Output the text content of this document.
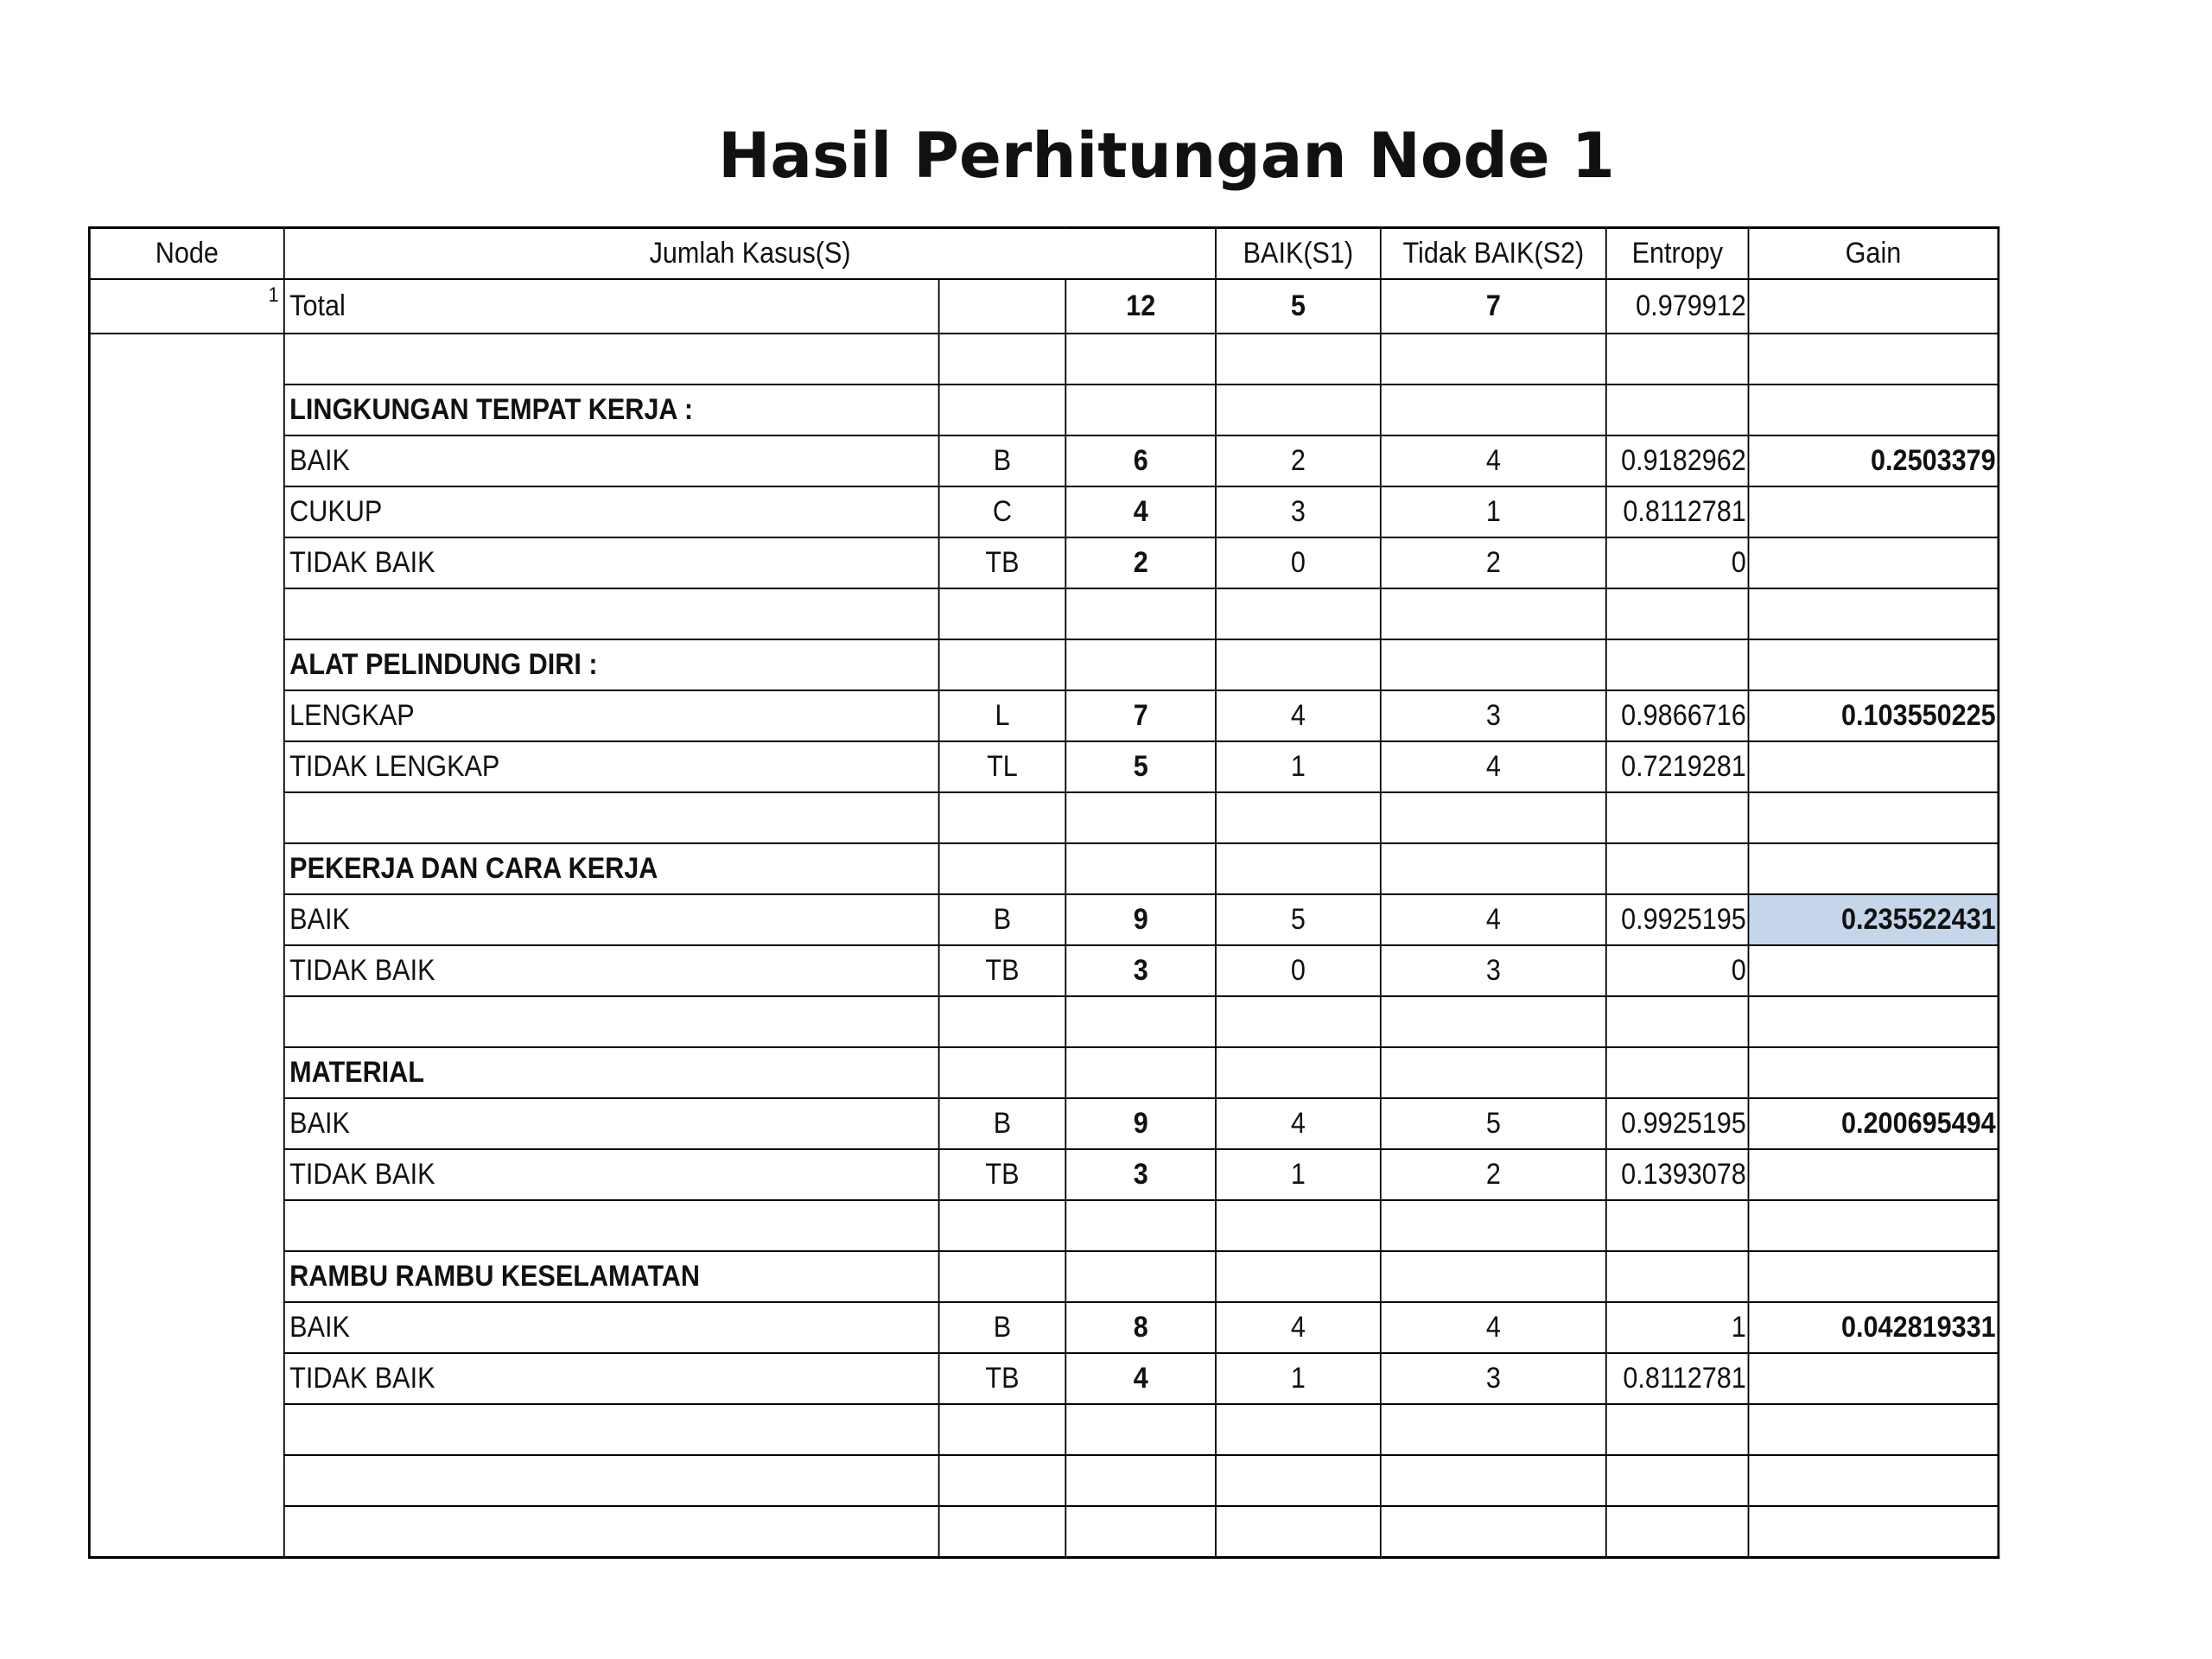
Hasil Perhitungan Node 1
Node	Jumlah Kasus(S)			BAIK(S1)	Tidak BAIK(S2)	Entropy	Gain
1	Total		12	5	7	0.979912	

	LINGKUNGAN TEMPAT KERJA :						
	BAIK	B	6	2	4	0.9182962	0.2503379
	CUKUP	C	4	3	1	0.8112781	
	TIDAK BAIK	TB	2	0	2	0	

	ALAT PELINDUNG DIRI :						
	LENGKAP	L	7	4	3	0.9866716	0.103550225
	TIDAK LENGKAP	TL	5	1	4	0.7219281	

	PEKERJA DAN CARA KERJA						
	BAIK	B	9	5	4	0.9925195	0.235522431
	TIDAK BAIK	TB	3	0	3	0	

	MATERIAL						
	BAIK	B	9	4	5	0.9925195	0.200695494
	TIDAK BAIK	TB	3	1	2	0.1393078	

	RAMBU RAMBU KESELAMATAN						
	BAIK	B	8	4	4	1	0.042819331
	TIDAK BAIK	TB	4	1	3	0.8112781	
